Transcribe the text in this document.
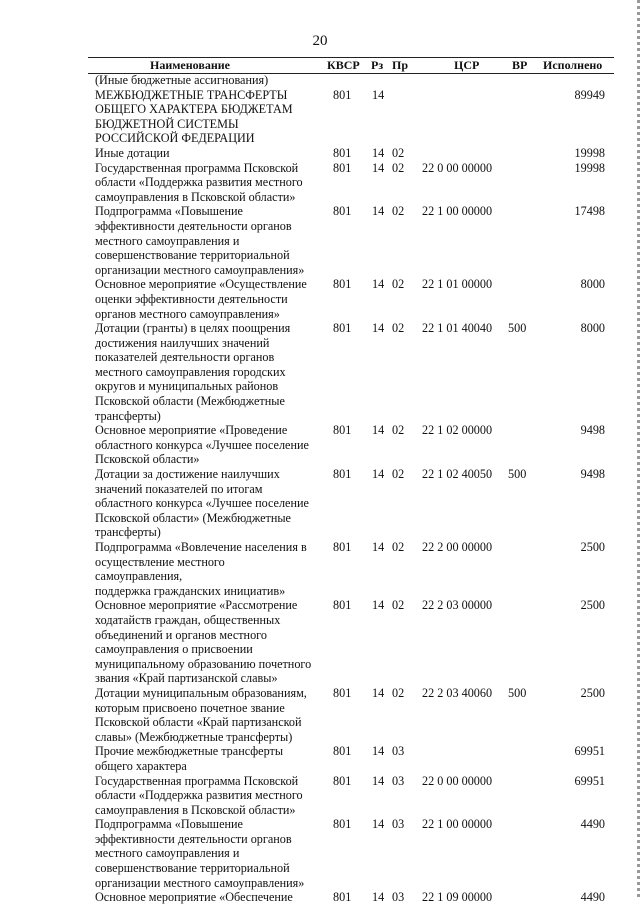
20
Наименование	КВСР Рз Пр	ЦСР	ВР Исполнено
(Иные бюджетные ассигнования)
МЕЖБЮДЖЕТНЫЕ ТРАНСФЕРТЫ
ОБЩЕГО ХАРАКТЕРА БЮДЖЕТАМ
БЮДЖЕТНОЙ СИСТЕМЫ
РОССИЙСКОЙ ФЕДЕРАЦИИ
801 14	89949
Иные дотации	801 14 02	19998
Государственная программа Псковской
области «Поддержка развития местного
самоуправления в Псковской области»
801 14 02 22 0 00 00000	19998
Подпрограмма «Повышение
эффективности деятельности органов
местного самоуправления и
совершенствование территориальной
организации местного самоуправления»
801 14 02 22 1 00 00000	17498
Основное мероприятие «Осуществление
оценки эффективности деятельности
органов местного самоуправления»
801 14 02 22 1 01 00000	8000
Дотации (гранты) в целях поощрения
достижения наилучших значений
показателей деятельности органов
местного самоуправления городских
округов и муниципальных районов
Псковской области (Межбюджетные
трансферты)
801 14 02 22 1 01 40040 500	8000
Основное мероприятие «Проведение
областного конкурса «Лучшее поселение
Псковской области»
801 14 02 22 1 02 00000	9498
Дотации за достижение наилучших
значений показателей по итогам
областного конкурса «Лучшее поселение
Псковской области» (Межбюджетные
трансферты)
801 14 02 22 1 02 40050 500	9498
Подпрограмма «Вовлечение населения в
осуществление местного самоуправления,
поддержка гражданских инициатив»
801 14 02 22 2 00 00000	2500
Основное мероприятие «Рассмотрение
ходатайств граждан, общественных
объединений и органов местного
самоуправления о присвоении
муниципальному образованию почетного
звания «Край партизанской славы»
801 14 02 22 2 03 00000	2500
Дотации муниципальным образованиям,
которым присвоено почетное звание
Псковской области «Край партизанской
славы» (Межбюджетные трансферты)
801 14 02 22 2 03 40060 500	2500
Прочие межбюджетные трансферты
общего характера
801 14 03	69951
Государственная программа Псковской
области «Поддержка развития местного
самоуправления в Псковской области»
801 14 03 22 0 00 00000	69951
Подпрограмма «Повышение
эффективности деятельности органов
местного самоуправления и
совершенствование территориальной
организации местного самоуправления»
801 14 03 22 1 00 00000	4490
Основное мероприятие «Обеспечение	801 14 03 22 1 09 00000	4490
